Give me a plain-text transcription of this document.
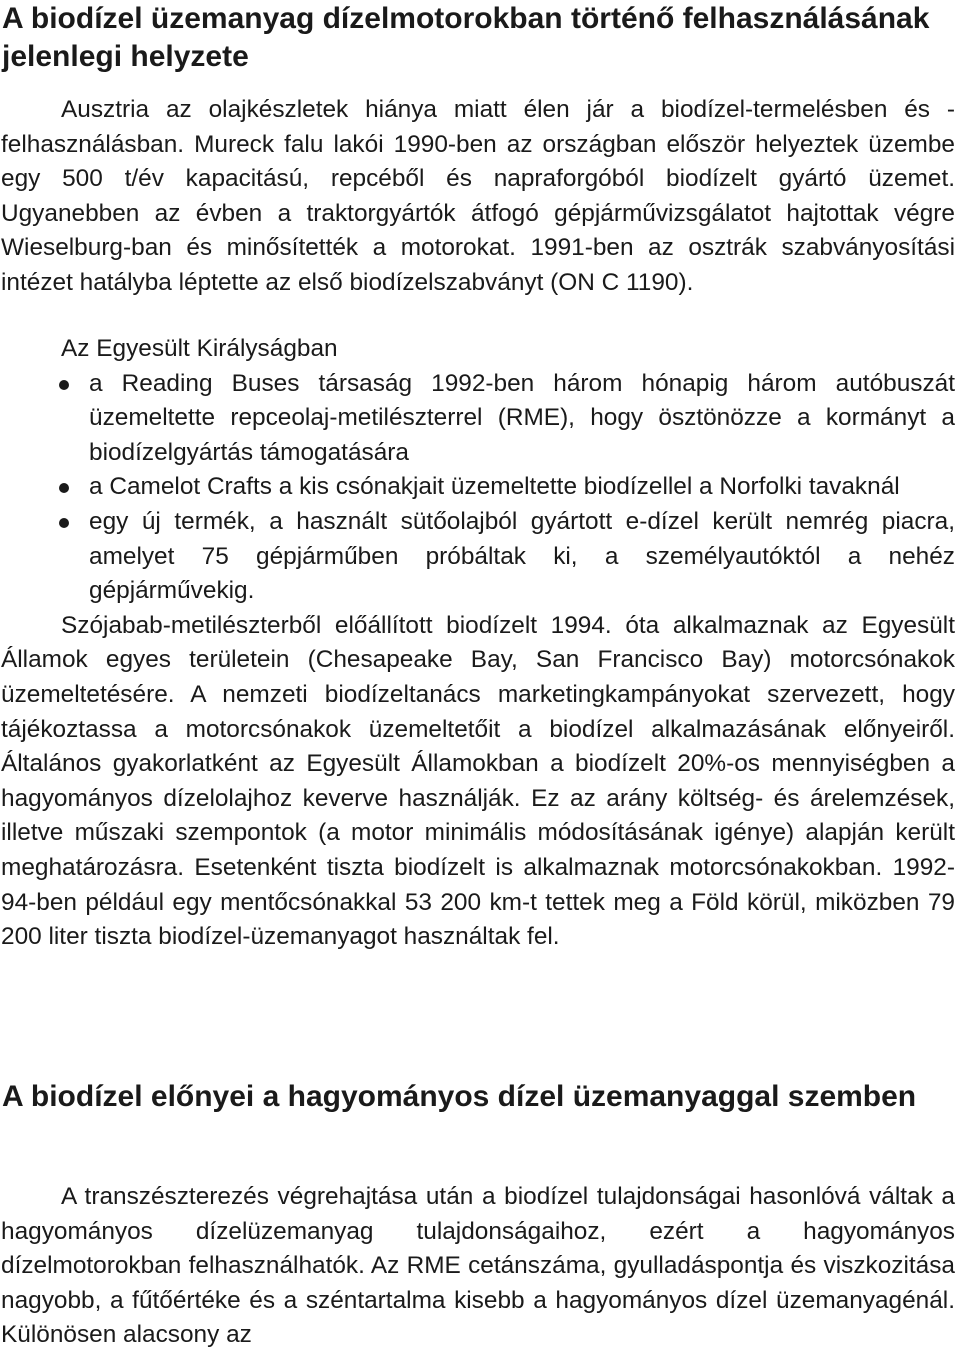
A biodízel üzemanyag dízelmotorokban történő felhasználásának jelenlegi helyzete

Ausztria az olajkészletek hiánya miatt élen jár a biodízel-termelésben és -felhasználásban. Mureck falu lakói 1990-ben az országban először helyeztek üzembe egy 500 t/év kapacitású, repcéből és napraforgóból biodízelt gyártó üzemet. Ugyanebben az évben a traktorgyártók átfogó gépjárművizsgálatot hajtottak végre Wieselburg-ban és minősítették a motorokat. 1991-ben az osztrák szabványosítási intézet hatályba léptette az első biodízelszabványt (ON C 1190).

Az Egyesült Királyságban

a Reading Buses társaság 1992-ben három hónapig három autóbuszát üzemeltette repceolaj-metilészterrel (RME), hogy ösztönözze a kormányt a biodízelgyártás támogatására
a Camelot Crafts a kis csónakjait üzemeltette biodízellel a Norfolki tavaknál
egy új termék, a használt sütőolajból gyártott e-dízel került nemrég piacra, amelyet 75 gépjárműben próbáltak ki, a személyautóktól a nehéz gépjárművekig.

Szójabab-metilészterből előállított biodízelt 1994. óta alkalmaznak az Egyesült Államok egyes területein (Chesapeake Bay, San Francisco Bay) motorcsónakok üzemeltetésére. A nemzeti biodízeltanács marketingkampányokat szervezett, hogy tájékoztassa a motorcsónakok üzemeltetőit a biodízel alkalmazásának előnyeiről. Általános gyakorlatként az Egyesült Államokban a biodízelt 20%-os mennyiségben a hagyományos dízelolajhoz keverve használják. Ez az arány költség- és árelemzések, illetve műszaki szempontok (a motor minimális módosításának igénye) alapján került meghatározásra. Esetenként tiszta biodízelt is alkalmaznak motorcsónakokban. 1992-94-ben például egy mentőcsónakkal 53 200 km-t tettek meg a Föld körül, miközben 79 200 liter tiszta biodízel-üzemanyagot használtak fel.

A biodízel előnyei a hagyományos dízel üzemanyaggal szemben

A transzészterezés végrehajtása után a biodízel tulajdonságai hasonlóvá váltak a hagyományos dízelüzemanyag tulajdonságaihoz, ezért a hagyományos dízelmotorokban felhasználhatók. Az RME cetánszáma, gyulladáspontja és viszkozitása nagyobb, a fűtőértéke és a széntartalma kisebb a hagyományos dízel üzemanyagénál. Különösen alacsony az
